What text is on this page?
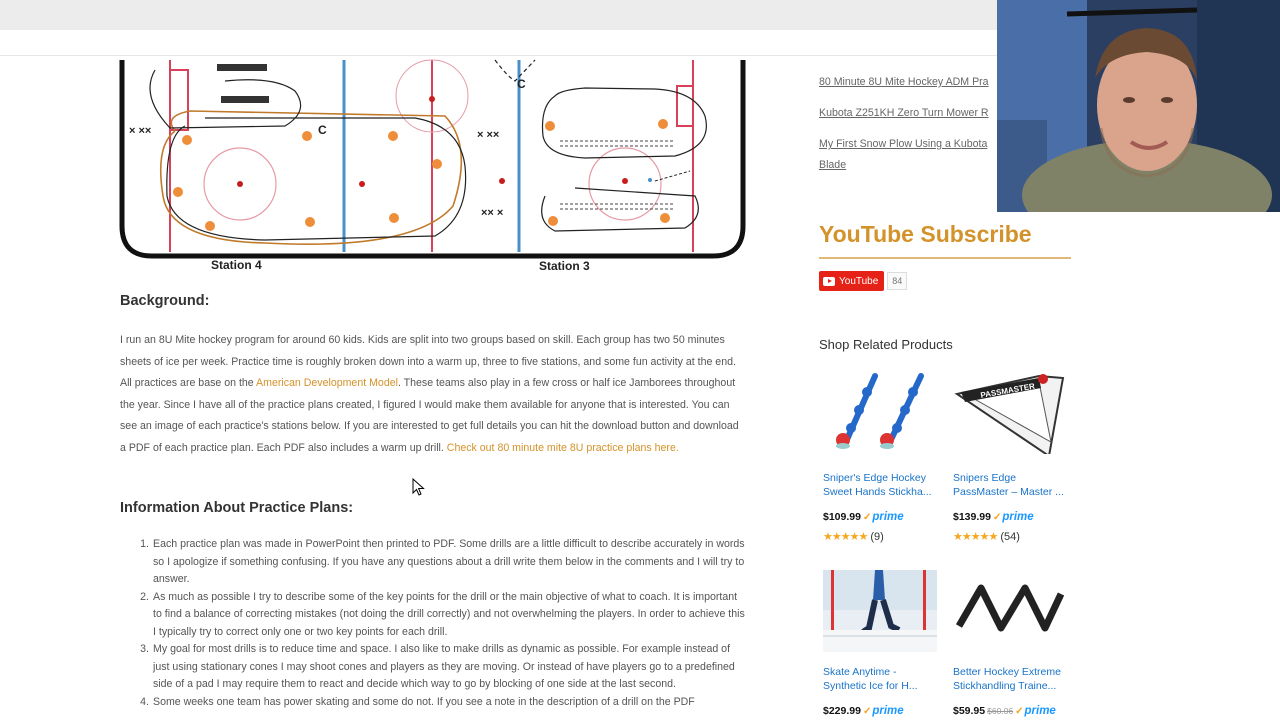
× ××	× ××
×× ×
C
C
Station 4	Station 3
Background:

I run an 8U Mite hockey program for around 60 kids. Kids are split into two groups based on skill. Each group has two 50 minutes sheets of ice per week. Practice time is roughly broken down into a warm up, three to five stations, and some fun activity at the end. All practices are base on the American Development Model. These teams also play in a few cross or half ice Jamborees throughout the year. Since I have all of the practice plans created, I figured I would make them available for anyone that is interested. You can see an image of each practice's stations below. If you are interested to get full details you can hit the download button and download a PDF of each practice plan. Each PDF also includes a warm up drill. Check out 80 minute mite 8U practice plans here.

Information About Practice Plans:
1. Each practice plan was made in PowerPoint then printed to PDF. Some drills are a little difficult to describe accurately in words so I apologize if something confusing. If you have any questions about a drill write them below in the comments and I will try to answer.
2. As much as possible I try to describe some of the key points for the drill or the main objective of what to coach. It is important to find a balance of correcting mistakes (not doing the drill correctly) and not overwhelming the players. In order to achieve this I typically try to correct only one or two key points for each drill.
3. My goal for most drills is to reduce time and space. I also like to make drills as dynamic as possible. For example instead of just using stationary cones I may shoot cones and players as they are moving. Or instead of have players go to a predefined side of a pad I may require them to react and decide which way to go by blocking of one side at the last second.
4. Some weeks one team has power skating and some do not. If you see a note in the description of a drill on the PDF
80 Minute 8U Mite Hockey ADM Pra
Kubota Z251KH Zero Turn Mower R
My First Snow Plow Using a Kubota
Blade
YouTube Subscribe
YouTube	84
Shop Related Products
Sniper's Edge Hockey
Sweet Hands Stickha...
$109.99 ✓ prime
★★★★★ (9)
PASSMASTER
Snipers Edge
PassMaster – Master ...
$139.99 ✓ prime
★★★★★ (54)
Skate Anytime -
Synthetic Ice for H...
$229.99 ✓ prime
Better Hockey Extreme
Stickhandling Traine...
$59.95 $60.06 ✓ prime
